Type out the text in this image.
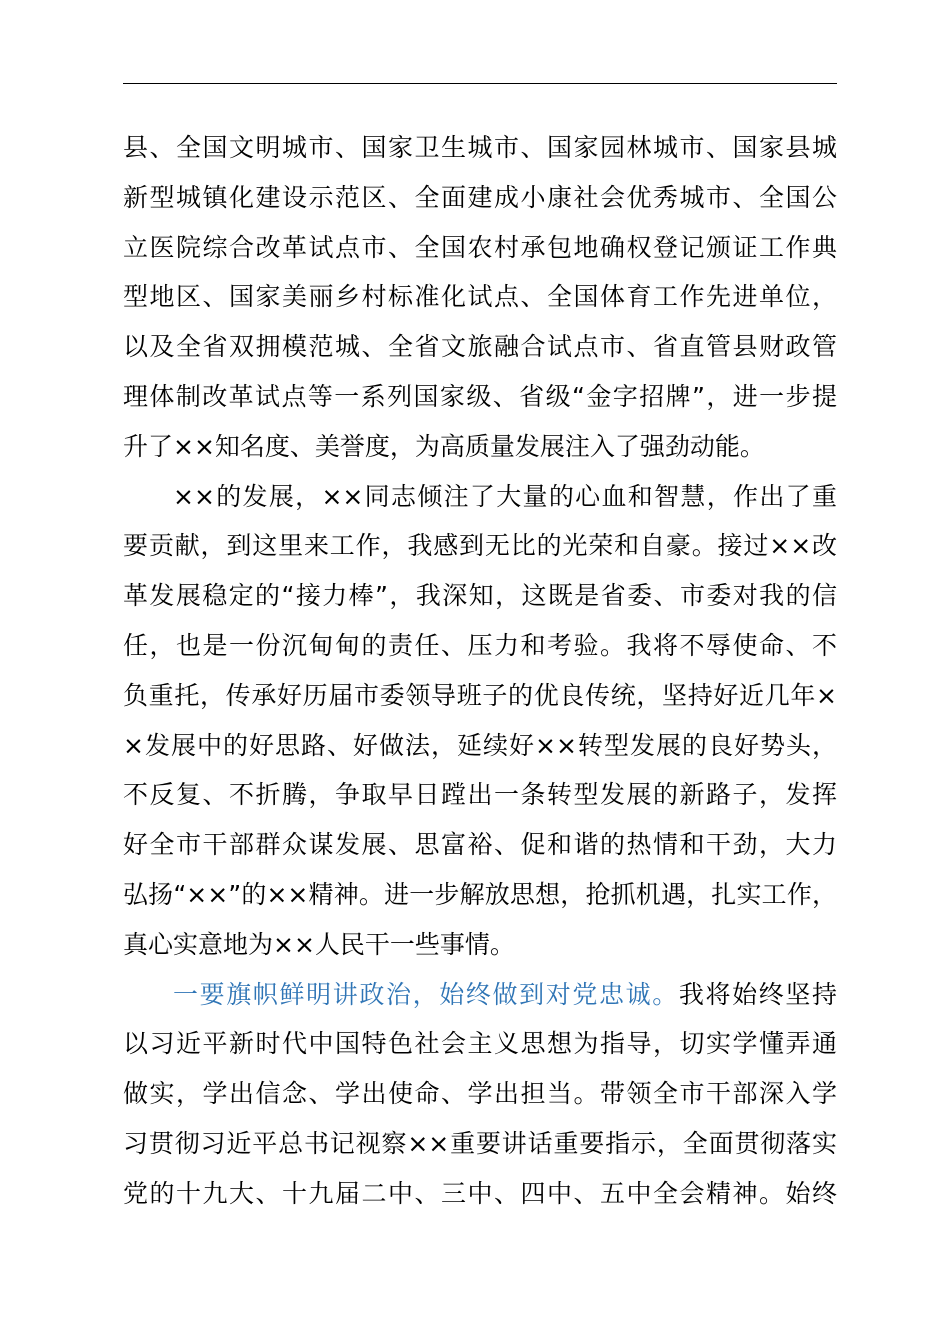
县、全国文明城市、国家卫生城市、国家园林城市、国家县城
新型城镇化建设示范区、全面建成小康社会优秀城市、全国公
立医院综合改革试点市、全国农村承包地确权登记颁证工作典
型地区、国家美丽乡村标准化试点、全国体育工作先进单位，
以及全省双拥模范城、全省文旅融合试点市、省直管县财政管
理体制改革试点等一系列国家级、省级“金字招牌”，进一步提
升了××知名度、美誉度，为高质量发展注入了强劲动能。
××的发展，××同志倾注了大量的心血和智慧，作出了重
要贡献，到这里来工作，我感到无比的光荣和自豪。接过××改
革发展稳定的“接力棒”，我深知，这既是省委、市委对我的信
任，也是一份沉甸甸的责任、压力和考验。我将不辱使命、不
负重托，传承好历届市委领导班子的优良传统，坚持好近几年×
×发展中的好思路、好做法，延续好××转型发展的良好势头，
不反复、不折腾，争取早日蹚出一条转型发展的新路子，发挥
好全市干部群众谋发展、思富裕、促和谐的热情和干劲，大力
弘扬“××”的××精神。进一步解放思想，抢抓机遇，扎实工作，
真心实意地为××人民干一些事情。
一要旗帜鲜明讲政治，始终做到对党忠诚。我将始终坚持
以习近平新时代中国特色社会主义思想为指导，切实学懂弄通
做实，学出信念、学出使命、学出担当。带领全市干部深入学
习贯彻习近平总书记视察××重要讲话重要指示，全面贯彻落实
党的十九大、十九届二中、三中、四中、五中全会精神。始终
